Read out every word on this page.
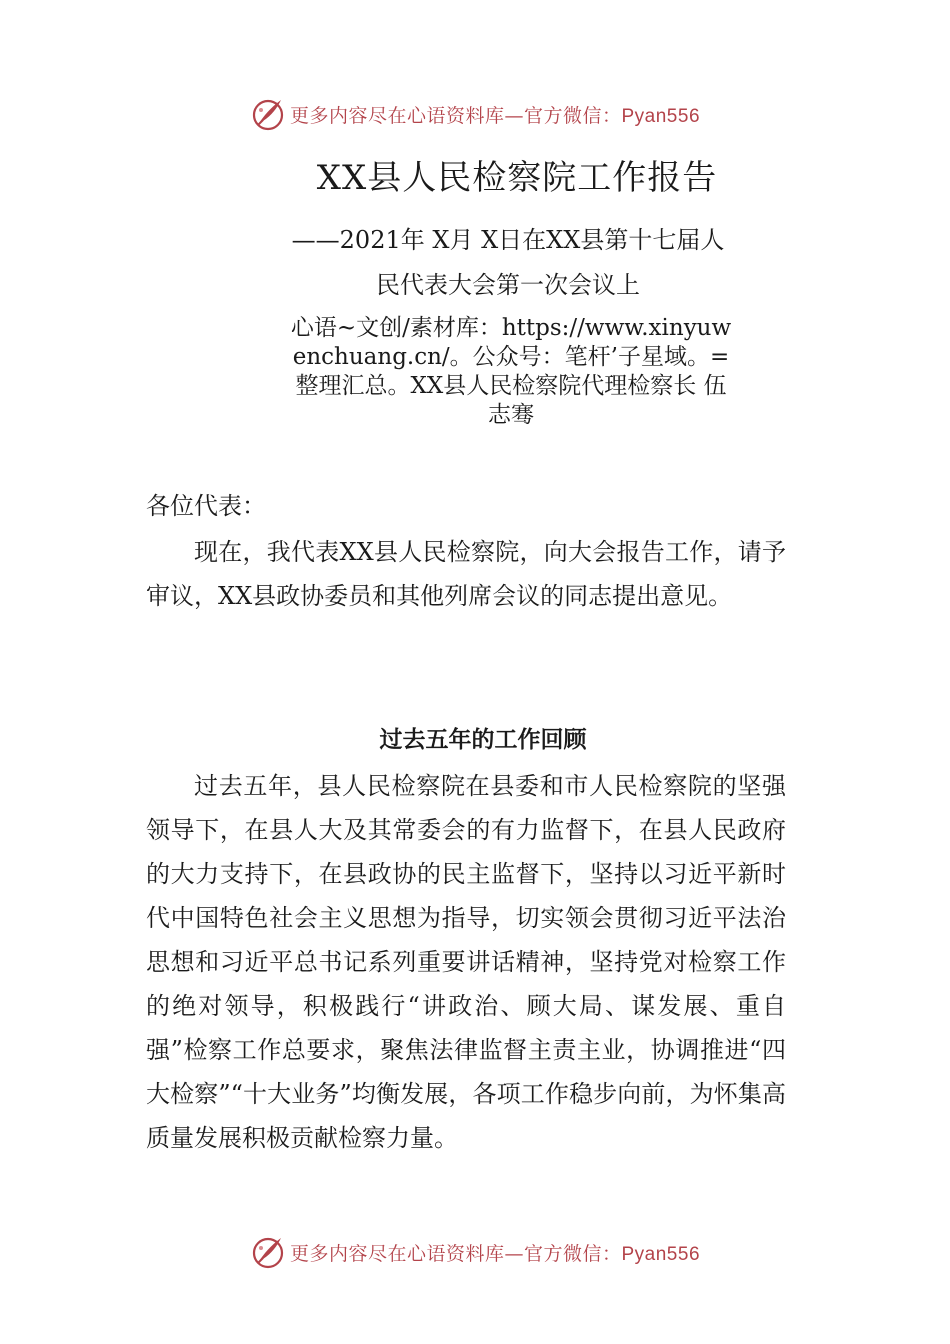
更多内容尽在心语资料库—官方微信：Pyan556
XX县人民检察院工作报告
——2021年 X月 X日在XX县第十七届人
民代表大会第一次会议上
心语~文创/素材库：https://www.xinyuwenchuang.cn/。公众号：笔杆’子星域。=整理汇总。XX县人民检察院代理检察长 伍志骞
各位代表：
现在，我代表XX县人民检察院，向大会报告工作，请予审议，XX县政协委员和其他列席会议的同志提出意见。
过去五年的工作回顾
过去五年，县人民检察院在县委和市人民检察院的坚强领导下，在县人大及其常委会的有力监督下，在县人民政府的大力支持下，在县政协的民主监督下，坚持以习近平新时代中国特色社会主义思想为指导，切实领会贯彻习近平法治思想和习近平总书记系列重要讲话精神，坚持党对检察工作的绝对领导，积极践行“讲政治、顾大局、谋发展、重自强”检察工作总要求，聚焦法律监督主责主业，协调推进“四大检察”“十大业务”均衡发展，各项工作稳步向前，为怀集高质量发展积极贡献检察力量。
更多内容尽在心语资料库—官方微信：Pyan556
